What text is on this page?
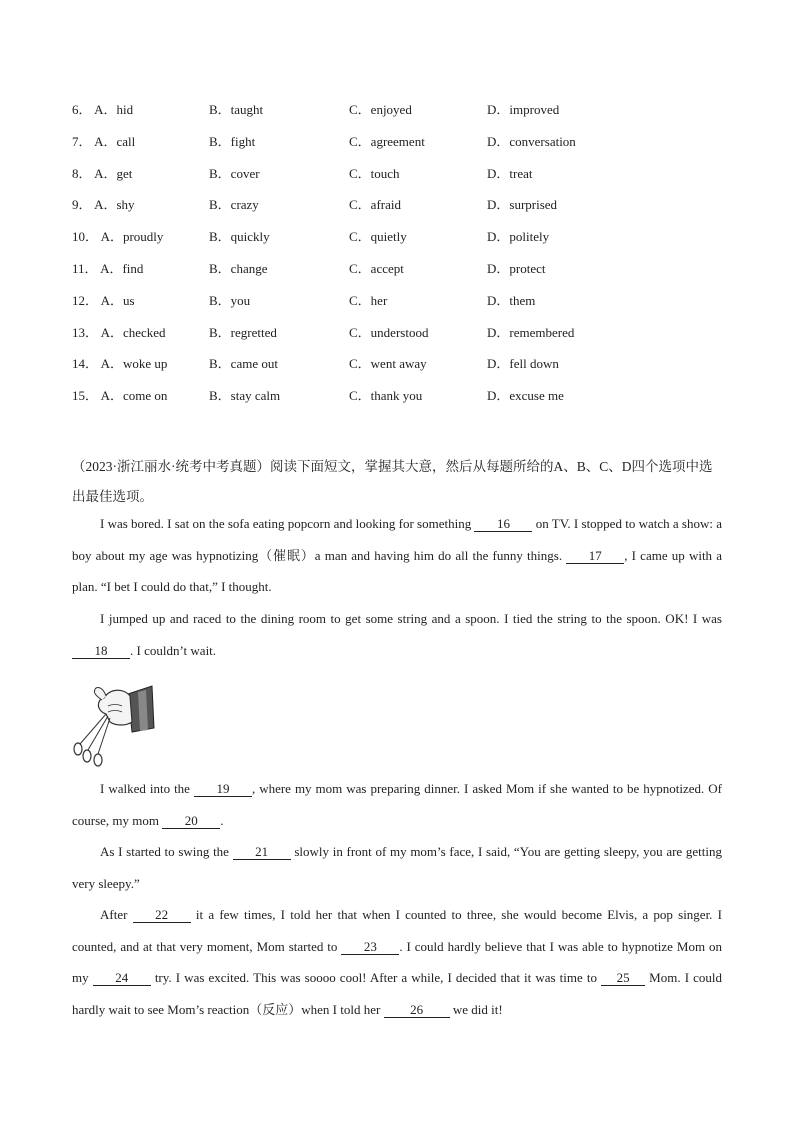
6． A．hid	B．taught	C．enjoyed	D．improved
7． A．call	B．fight	C．agreement	D．conversation
8． A．get	B．cover	C．touch	D．treat
9． A．shy	B．crazy	C．afraid	D．surprised
10． A．proudly	B．quickly	C．quietly	D．politely
11． A．find	B．change	C．accept	D．protect
12． A．us	B．you	C．her	D．them
13． A．checked	B．regretted	C．understood	D．remembered
14． A．woke up	B．came out	C．went away	D．fell down
15． A．come on	B．stay calm	C．thank you	D．excuse me
（2023·浙江丽水·统考中考真题）阅读下面短文，掌握其大意，然后从每题所给的A、B、C、D四个选项中选出最佳选项。
I was bored. I sat on the sofa eating popcorn and looking for something 16 on TV. I stopped to watch a show: a boy about my age was hypnotizing（催眠）a man and having him do all the funny things. 17 , I came up with a plan. “I bet I could do that,” I thought.
I jumped up and raced to the dining room to get some string and a spoon. I tied the string to the spoon. OK! I was 18 . I couldn’t wait.
I walked into the 19 , where my mom was preparing dinner. I asked Mom if she wanted to be hypnotized. Of course, my mom 20 .
As I started to swing the 21 slowly in front of my mom’s face, I said, “You are getting sleepy, you are getting very sleepy.”
After 22 it a few times, I told her that when I counted to three, she would become Elvis, a pop singer. I counted, and at that very moment, Mom started to 23 . I could hardly believe that I was able to hypnotize Mom on my 24 try. I was excited. This was soooo cool! After a while, I decided that it was time to 25 Mom. I could hardly wait to see Mom’s reaction（反应）when I told her 26 we did it!
